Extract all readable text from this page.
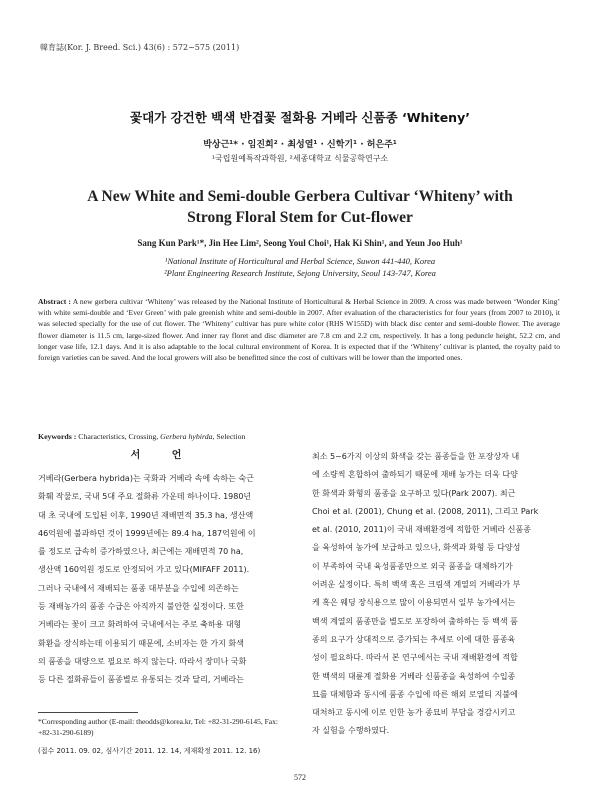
韓育誌(Kor. J. Breed. Sci.) 43(6) : 572~575 (2011)
꽃대가 강건한 백색 반겹꽃 절화용 거베라 신품종 ‘Whiteny’
박상근¹* · 임진희² · 최성열¹ · 신학기¹ · 허은주¹
¹국립원예특작과학원, ²세종대학교 식물공학연구소
A New White and Semi-double Gerbera Cultivar ‘Whiteny’ with
Strong Floral Stem for Cut-flower
Sang Kun Park¹*, Jin Hee Lim², Seong Youl Choi¹, Hak Ki Shin¹, and Yeun Joo Huh¹
¹National Institute of Horticultural and Herbal Science, Suwon 441-440, Korea
²Plant Engineering Research Institute, Sejong University, Seoul 143-747, Korea
Abstract : A new gerbera cultivar ‘Whiteny’ was released by the National Institute of Horticultural & Herbal Science in 2009. A cross was made between ‘Wonder King’ with white semi-double and ‘Ever Green’ with pale greenish white and semi-double in 2007. After evaluation of the characteristics for four years (from 2007 to 2010), it was selected specially for the use of cut flower. The ‘Whiteny’ cultivar has pure white color (RHS W155D) with black disc center and semi-double flower. The average flower diameter is 11.5 cm, large-sized flower. And inner ray floret and disc diameter are 7.8 cm and 2.2 cm, respectively. It has a long peduncle height, 52.2 cm, and longer vase life, 12.1 days. And it is also adaptable to the local cultural environment of Korea. It is expected that if the ‘Whiteny’ cultivar is planted, the royalty paid to foreign varieties can be saved. And the local growers will also be benefitted since the cost of cultivars will be lower than the imported ones.
Keywords : Characteristics, Crossing, Gerbera hybirda, Selection
서 언
거베라(Gerbera hybrida)는 국화과 거베라 속에 속하는 숙근
화훼 작물로, 국내 5대 주요 절화류 가운데 하나이다. 1980년
대 초 국내에 도입된 이후, 1990년 재배면적 35.3 ha, 생산액
46억원에 불과하던 것이 1999년에는 89.4 ha, 187억원에 이
를 정도로 급속히 증가하였으나, 최근에는 재배면적 70 ha,
생산액 160억원 정도로 안정되어 가고 있다(MIFAFF 2011).
그러나 국내에서 재배되는 품종 대부분을 수입에 의존하는
등 재배농가의 품종 수급은 아직까지 불안한 실정이다. 또한
거베라는 꽃이 크고 화려하여 국내에서는 주로 축하용 대형
화환을 장식하는데 이용되기 때문에, 소비자는 한 가지 화색
의 품종을 대량으로 필요로 하지 않는다. 따라서 장미나 국화
등 다른 절화류들이 품종별로 유통되는 것과 달리, 거베라는
최소 5~6가지 이상의 화색을 갖는 품종들을 한 포장상자 내
에 소량씩 혼합하여 출하되기 때문에 재배 농가는 더욱 다양
한 화색과 화형의 품종을 요구하고 있다(Park 2007). 최근
Choi et al. (2001), Chung et al. (2008, 2011), 그리고 Park
et al. (2010, 2011)이 국내 재배환경에 적합한 거베라 신품종
을 육성하여 농가에 보급하고 있으나, 화색과 화형 등 다양성
이 부족하여 국내 육성품종만으로 외국 품종을 대체하기가
어려운 실정이다. 특히 백색 혹은 크림색 계열의 거베라가 부
케 혹은 웨딩 장식용으로 많이 이용되면서 일부 농가에서는
백색 계열의 품종만을 별도로 포장하여 출하하는 등 백색 품
종의 요구가 상대적으로 증가되는 추세로 이에 대한 품종육
성이 필요하다. 따라서 본 연구에서는 국내 재배환경에 적합
한 백색의 대륜계 절화용 거베라 신품종을 육성하여 수입종
묘를 대체함과 동시에 품종 수입에 따른 해외 로열티 지불에
대처하고 동시에 이로 인한 농가 종묘비 부담을 경감시키고
자 실험을 수행하였다.
*Corresponding author (E-mail: theodds@korea.kr, Tel: +82-31-290-6145, Fax: +82-31-290-6189)
(접수 2011. 09. 02, 심사기간 2011. 12. 14, 게재확정 2011. 12. 16)
572
